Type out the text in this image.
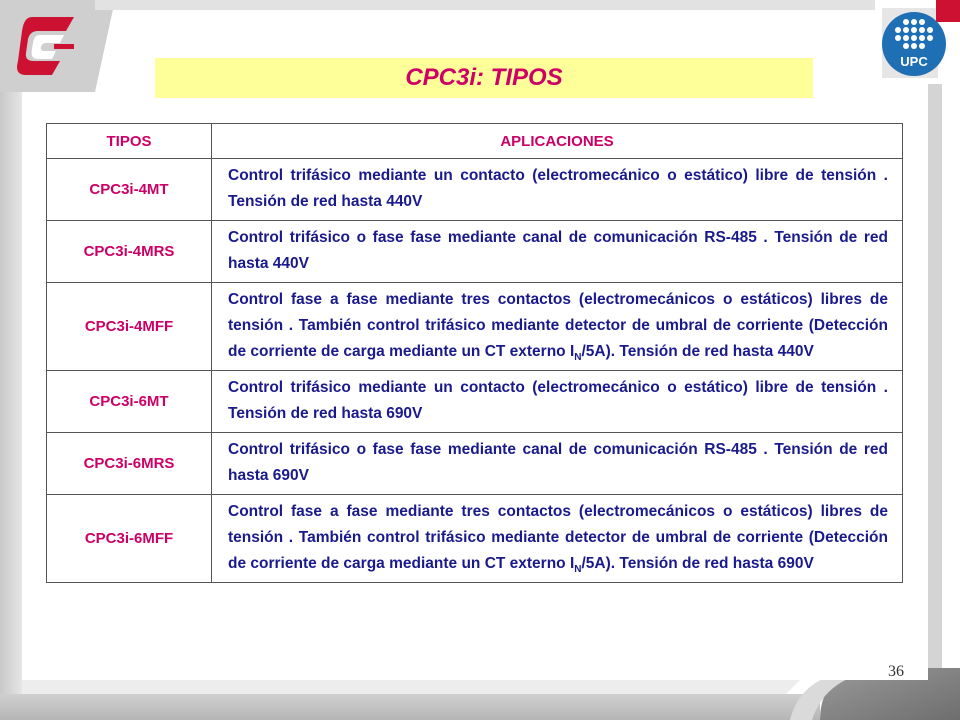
UPC
CPC3i: TIPOS
TIPOS	APLICACIONES
CPC3i-4MT	Control trifásico mediante un contacto (electromecánico o estático) libre de tensión . Tensión de red hasta 440V
CPC3i-4MRS	Control trifásico o fase fase mediante canal de comunicación RS-485 . Tensión de red hasta 440V
CPC3i-4MFF	Control fase a fase mediante tres contactos (electromecánicos o estáticos) libres de tensión . También control trifásico mediante detector de umbral de corriente (Detección de corriente de carga mediante un CT externo $I_N/5A$). Tensión de red hasta 440V
CPC3i-6MT	Control trifásico mediante un contacto (electromecánico o estático) libre de tensión . Tensión de red hasta 690V
CPC3i-6MRS	Control trifásico o fase fase mediante canal de comunicación RS-485 . Tensión de red hasta 690V
CPC3i-6MFF	Control fase a fase mediante tres contactos (electromecánicos o estáticos) libres de tensión . También control trifásico mediante detector de umbral de corriente (Detección de corriente de carga mediante un CT externo $I_N/5A$). Tensión de red hasta 690V
36
